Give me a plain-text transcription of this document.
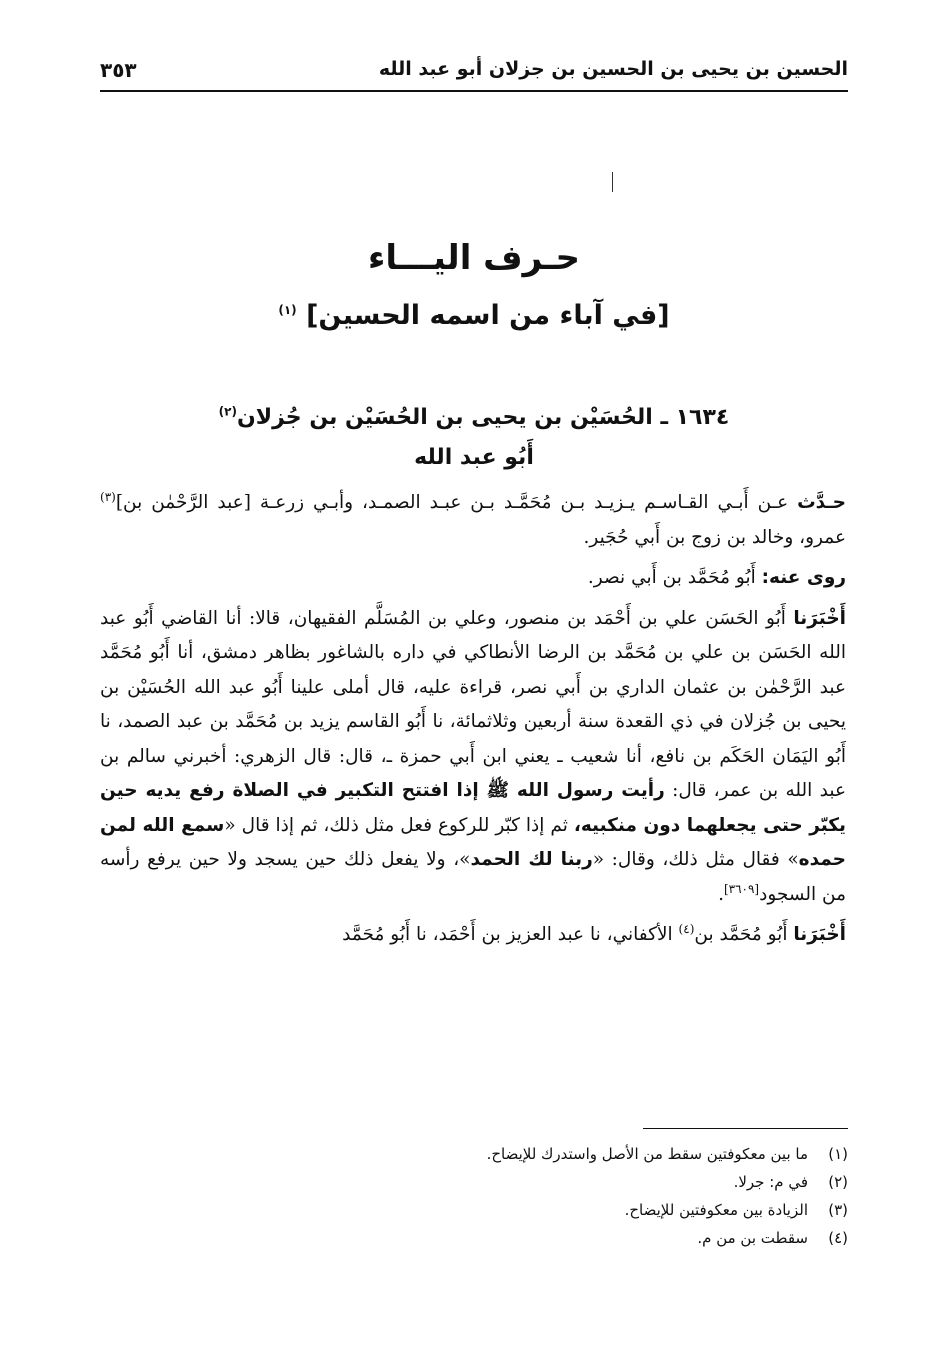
الحسين بن يحيى بن الحسين بن جزلان أبو عبد الله
٣٥٣
حـرف اليـــاء
[في آباء من اسمه الحسين] $^{(١)}$
١٦٣٤ ـ الحُسَيْن بن يحيى بن الحُسَيْن بن جُزلان$^{(٢)}$
أَبُو عبد الله

حـدَّث عـن أَبـي القـاسـم يـزيـد بـن مُحَمَّـد بـن عبـد الصمـد، وأبـي زرعـة [عبد الرَّحْمٰن بن]$^{(٣)}$ عمرو، وخالد بن زوج بن أَبي حُجَير.

روى عنه: أَبُو مُحَمَّد بن أَبي نصر.

أَخْبَرَنا أَبُو الحَسَن علي بن أَحْمَد بن منصور، وعلي بن المُسَلَّم الفقيهان، قالا: أنا القاضي أَبُو عبد الله الحَسَن بن علي بن مُحَمَّد بن الرضا الأنطاكي في داره بالشاغور بظاهر دمشق، أنا أَبُو مُحَمَّد عبد الرَّحْمٰن بن عثمان الداري بن أَبي نصر، قراءة عليه، قال أملى علينا أَبُو عبد الله الحُسَيْن بن يحيى بن جُزلان في ذي القعدة سنة أربعين وثلاثمائة، نا أَبُو القاسم يزيد بن مُحَمَّد بن عبد الصمد، نا أَبُو اليَمَان الحَكَم بن نافع، أنا شعيب ـ يعني ابن أَبي حمزة ـ، قال: قال الزهري: أخبرني سالم بن عبد الله بن عمر، قال: رأيت رسول الله ﷺ إذا افتتح التكبير في الصلاة رفع يديه حين يكبّر حتى يجعلهما دون منكبيه، ثم إذا كبّر للركوع فعل مثل ذلك، ثم إذا قال «سمع الله لمن حمده» فقال مثل ذلك، وقال: «ربنا لك الحمد»، ولا يفعل ذلك حين يسجد ولا حين يرفع رأسه من السجود[٣٦٠٩].

أَخْبَرَنا أَبُو مُحَمَّد بن$^{(٤)}$ الأكفاني، نا عبد العزيز بن أَحْمَد، نا أَبُو مُحَمَّد

(١)
ما بين معكوفتين سقط من الأصل واستدرك للإيضاح.
(٢)
في م: جرلا.
(٣)
الزيادة بين معكوفتين للإيضاح.
(٤)
سقطت بن من م.
